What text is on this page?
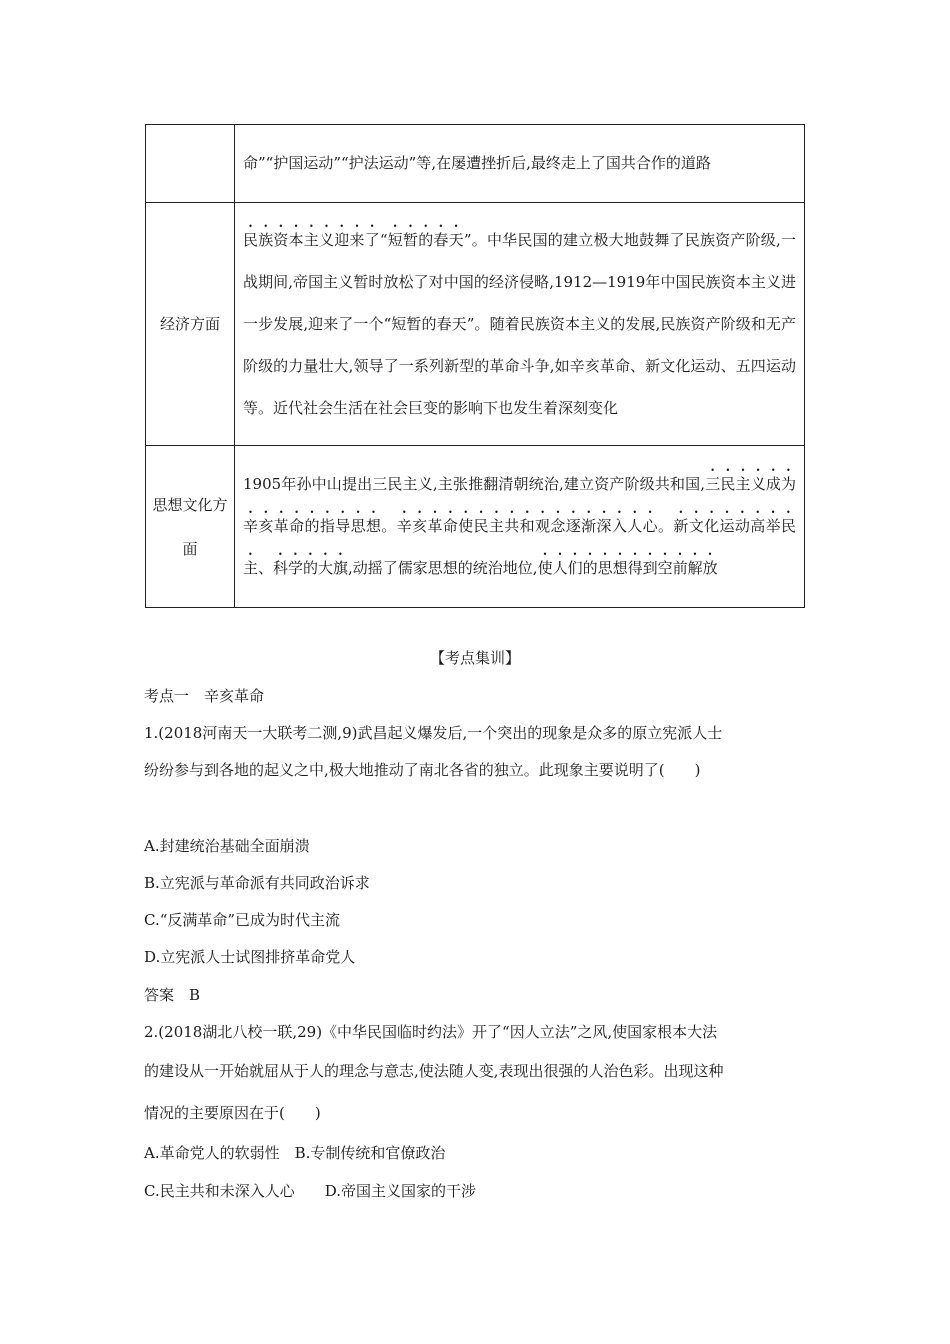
	命”“护国运动”“护法运动”等,在屡遭挫折后,最终走上了国共合作的道路
经济方面	民族资本主义迎来了“短暂的春天”。中华民国的建立极大地鼓舞了民族资产阶级,一战期间,帝国主义暂时放松了对中国的经济侵略,1912—1919年中国民族资本主义进一步发展,迎来了一个“短暂的春天”。随着民族资本主义的发展,民族资产阶级和无产阶级的力量壮大,领导了一系列新型的革命斗争,如辛亥革命、新文化运动、五四运动等。近代社会生活在社会巨变的影响下也发生着深刻变化
思想文化方面	1905年孙中山提出三民主义,主张推翻清朝统治,建立资产阶级共和国,三民主义成为辛亥革命的指导思想。辛亥革命使民主共和观念逐渐深入人心。新文化运动高举民主、科学的大旗,动摇了儒家思想的统治地位,使人们的思想得到空前解放
【考点集训】
考点一　辛亥革命
1.(2018河南天一大联考二测,9)武昌起义爆发后,一个突出的现象是众多的原立宪派人士
纷纷参与到各地的起义之中,极大地推动了南北各省的独立。此现象主要说明了(　　)
A.封建统治基础全面崩溃
B.立宪派与革命派有共同政治诉求
C.“反满革命”已成为时代主流
D.立宪派人士试图排挤革命党人
答案　B
2.(2018湖北八校一联,29)《中华民国临时约法》开了“因人立法”之风,使国家根本大法
的建设从一开始就屈从于人的理念与意志,使法随人变,表现出很强的人治色彩。出现这种
情况的主要原因在于(　　)
A.革命党人的软弱性　B.专制传统和官僚政治
C.民主共和未深入人心　　D.帝国主义国家的干涉
